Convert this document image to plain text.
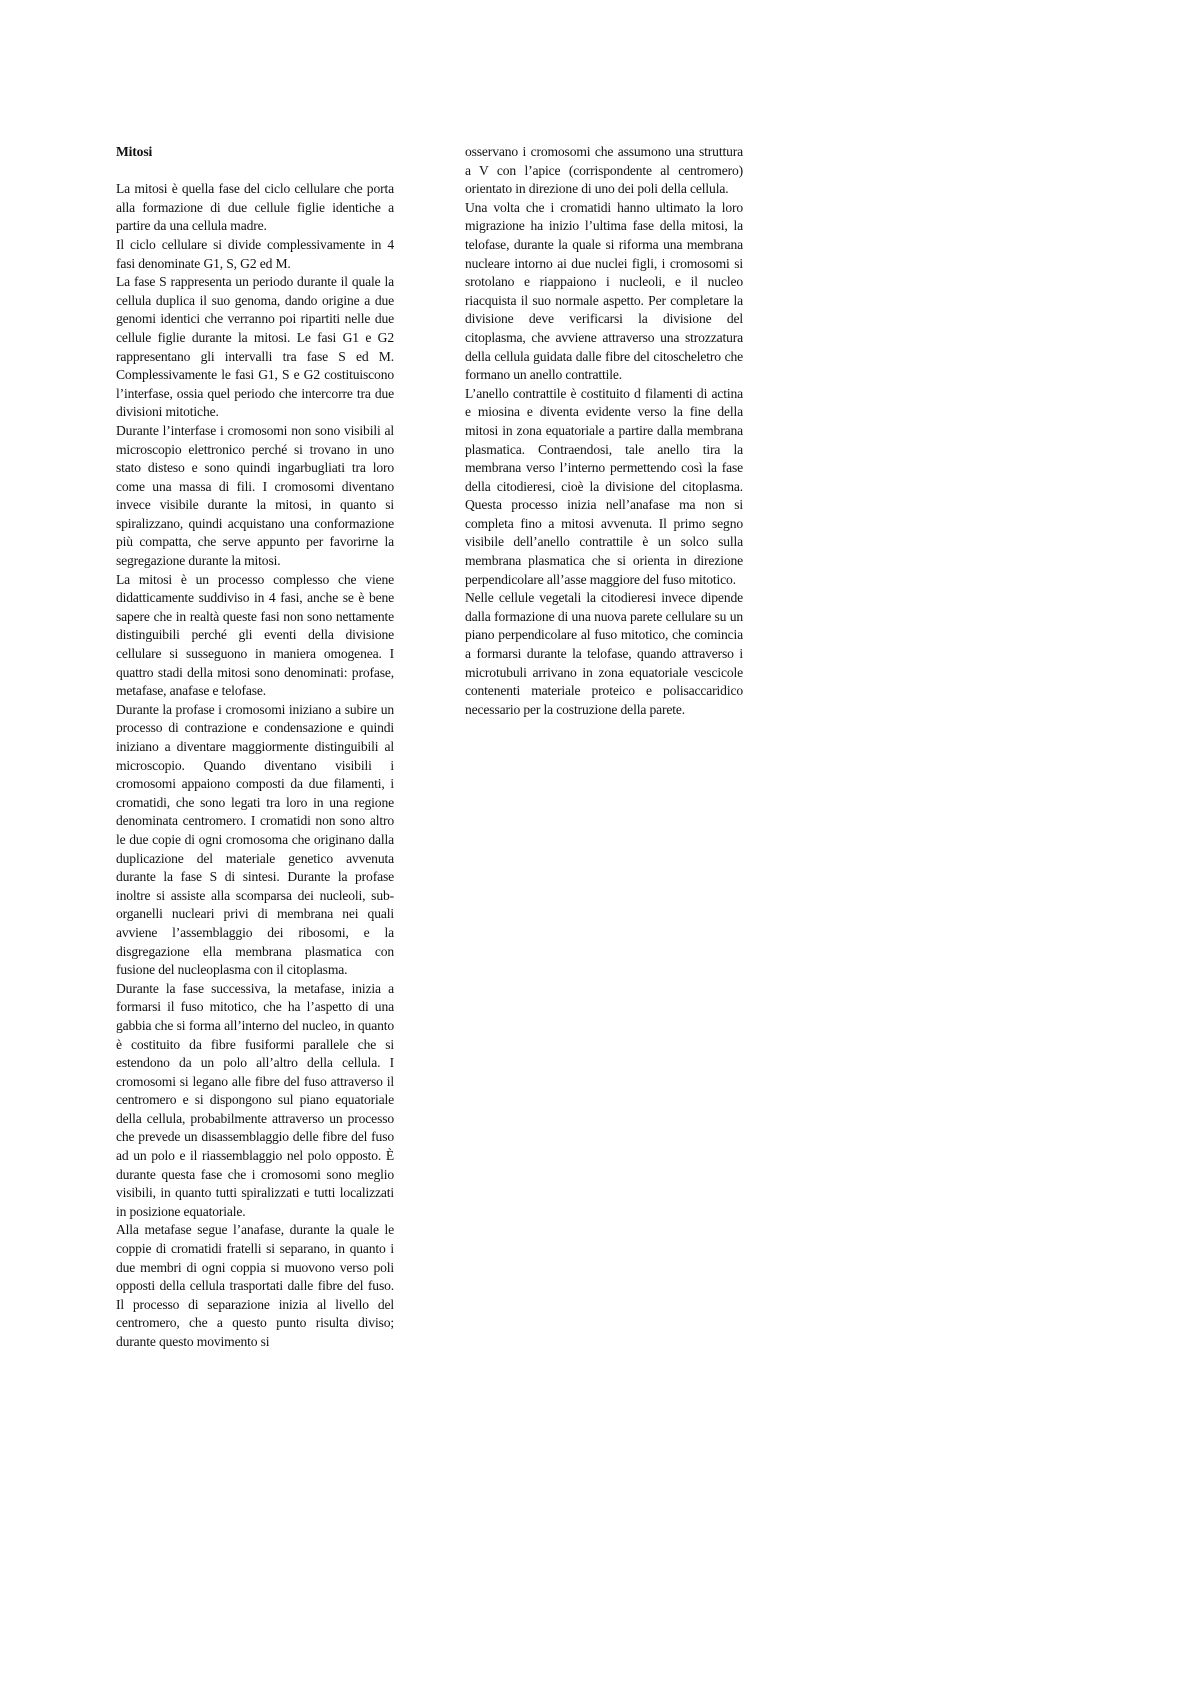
Mitosi

La mitosi è quella fase del ciclo cellulare che porta alla formazione di due cellule figlie identiche a partire da una cellula madre.

Il ciclo cellulare si divide complessivamente in 4 fasi denominate G1, S, G2 ed M.

La fase S rappresenta un periodo durante il quale la cellula duplica il suo genoma, dando origine a due genomi identici che verranno poi ripartiti nelle due cellule figlie durante la mitosi. Le fasi G1 e G2 rappresentano gli intervalli tra fase S ed M. Complessivamente le fasi G1, S e G2 costituiscono l’interfase, ossia quel periodo che intercorre tra due divisioni mitotiche.

Durante l’interfase i cromosomi non sono visibili al microscopio elettronico perché si trovano in uno stato disteso e sono quindi ingarbugliati tra loro come una massa di fili. I cromosomi diventano invece visibile durante la mitosi, in quanto si spiralizzano, quindi acquistano una conformazione più compatta, che serve appunto per favorirne la segregazione durante la mitosi.

La mitosi è un processo complesso che viene didatticamente suddiviso in 4 fasi, anche se è bene sapere che in realtà queste fasi non sono nettamente distinguibili perché gli eventi della divisione cellulare si susseguono in maniera omogenea. I quattro stadi della mitosi sono denominati: profase, metafase, anafase e telofase.

Durante la profase i cromosomi iniziano a subire un processo di contrazione e condensazione e quindi iniziano a diventare maggiormente distinguibili al microscopio. Quando diventano visibili i cromosomi appaiono composti da due filamenti, i cromatidi, che sono legati tra loro in una regione denominata centromero. I cromatidi non sono altro le due copie di ogni cromosoma che originano dalla duplicazione del materiale genetico avvenuta durante la fase S di sintesi. Durante la profase inoltre si assiste alla scomparsa dei nucleoli, sub-organelli nucleari privi di membrana nei quali avviene l’assemblaggio dei ribosomi, e la disgregazione ella membrana plasmatica con fusione del nucleoplasma con il citoplasma.

Durante la fase successiva, la metafase, inizia a formarsi il fuso mitotico, che ha l’aspetto di una gabbia che si forma all’interno del nucleo, in quanto è costituito da fibre fusiformi parallele che si estendono da un polo all’altro della cellula. I cromosomi si legano alle fibre del fuso attraverso il centromero e si dispongono sul piano equatoriale della cellula, probabilmente attraverso un processo che prevede un disassemblaggio delle fibre del fuso ad un polo e il riassemblaggio nel polo opposto. È durante questa fase che i cromosomi sono meglio visibili, in quanto tutti spiralizzati e tutti localizzati in posizione equatoriale.

Alla metafase segue l’anafase, durante la quale le coppie di cromatidi fratelli si separano, in quanto i due membri di ogni coppia si muovono verso poli opposti della cellula trasportati dalle fibre del fuso. Il processo di separazione inizia al livello del centromero, che a questo punto risulta diviso; durante questo movimento si

osservano i cromosomi che assumono una struttura a V con l’apice (corrispondente al centromero) orientato in direzione di uno dei poli della cellula.

Una volta che i cromatidi hanno ultimato la loro migrazione ha inizio l’ultima fase della mitosi, la telofase, durante la quale si riforma una membrana nucleare intorno ai due nuclei figli, i cromosomi si srotolano e riappaiono i nucleoli, e il nucleo riacquista il suo normale aspetto. Per completare la divisione deve verificarsi la divisione del citoplasma, che avviene attraverso una strozzatura della cellula guidata dalle fibre del citoscheletro che formano un anello contrattile.

L’anello contrattile è costituito d filamenti di actina e miosina e diventa evidente verso la fine della mitosi in zona equatoriale a partire dalla membrana plasmatica. Contraendosi, tale anello tira la membrana verso l’interno permettendo così la fase della citodieresi, cioè la divisione del citoplasma. Questa processo inizia nell’anafase ma non si completa fino a mitosi avvenuta. Il primo segno visibile dell’anello contrattile è un solco sulla membrana plasmatica che si orienta in direzione perpendicolare all’asse maggiore del fuso mitotico.

Nelle cellule vegetali la citodieresi invece dipende dalla formazione di una nuova parete cellulare su un piano perpendicolare al fuso mitotico, che comincia a formarsi durante la telofase, quando attraverso i microtubuli arrivano in zona equatoriale vescicole contenenti materiale proteico e polisaccaridico necessario per la costruzione della parete.
